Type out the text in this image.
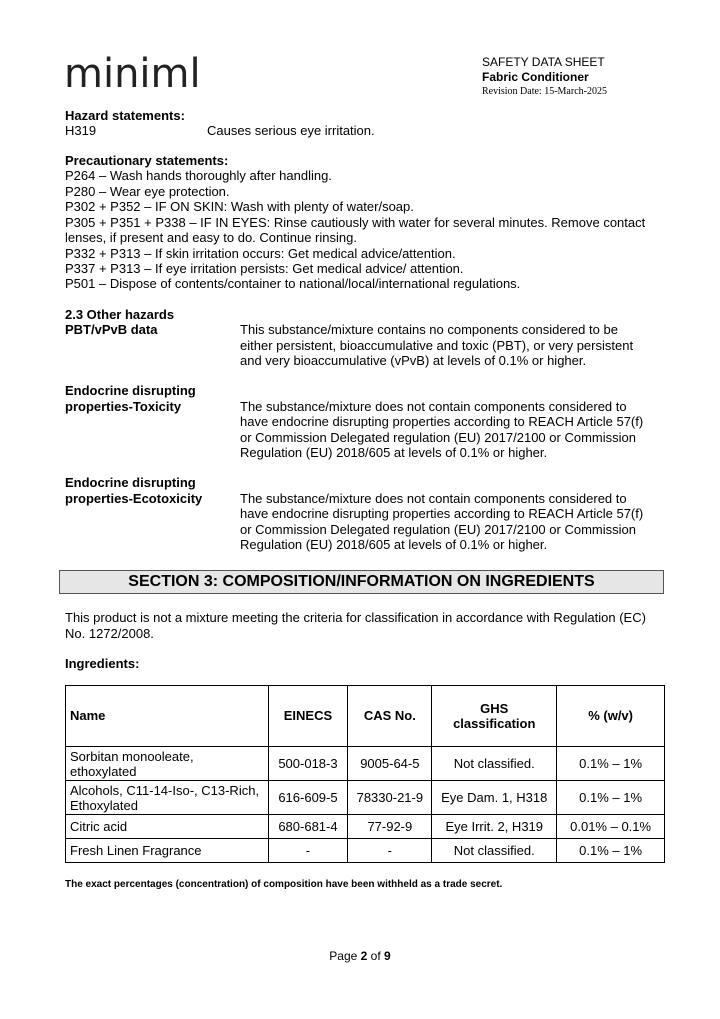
miniml	SAFETY DATA SHEET
Fabric Conditioner
Revision Date: 15-March-2025
Hazard statements:
H319	Causes serious eye irritation.
Precautionary statements:
P264 – Wash hands thoroughly after handling.
P280 – Wear eye protection.
P302 + P352 – IF ON SKIN: Wash with plenty of water/soap.
P305 + P351 + P338 – IF IN EYES: Rinse cautiously with water for several minutes. Remove contact
lenses, if present and easy to do. Continue rinsing.
P332 + P313 – If skin irritation occurs: Get medical advice/attention.
P337 + P313 – If eye irritation persists: Get medical advice/ attention.
P501 – Dispose of contents/container to national/local/international regulations.
2.3 Other hazards
PBT/vPvB data	This substance/mixture contains no components considered to be
either persistent, bioaccumulative and toxic (PBT), or very persistent
and very bioaccumulative (vPvB) at levels of 0.1% or higher.
Endocrine disrupting
properties-Toxicity	The substance/mixture does not contain components considered to
have endocrine disrupting properties according to REACH Article 57(f)
or Commission Delegated regulation (EU) 2017/2100 or Commission
Regulation (EU) 2018/605 at levels of 0.1% or higher.
Endocrine disrupting
properties-Ecotoxicity	The substance/mixture does not contain components considered to
have endocrine disrupting properties according to REACH Article 57(f)
or Commission Delegated regulation (EU) 2017/2100 or Commission
Regulation (EU) 2018/605 at levels of 0.1% or higher.
SECTION 3: COMPOSITION/INFORMATION ON INGREDIENTS
This product is not a mixture meeting the criteria for classification in accordance with Regulation (EC)
No. 1272/2008.
Ingredients:
Name	EINECS	CAS No.	GHS classification	% (w/v)
Sorbitan monooleate, ethoxylated	500-018-3	9005-64-5	Not classified.	0.1% – 1%
Alcohols, C11-14-Iso-, C13-Rich, Ethoxylated	616-609-5	78330-21-9	Eye Dam. 1, H318	0.1% – 1%
Citric acid	680-681-4	77-92-9	Eye Irrit. 2, H319	0.01% – 0.1%
Fresh Linen Fragrance	-	-	Not classified.	0.1% – 1%
The exact percentages (concentration) of composition have been withheld as a trade secret.
Page 2 of 9
